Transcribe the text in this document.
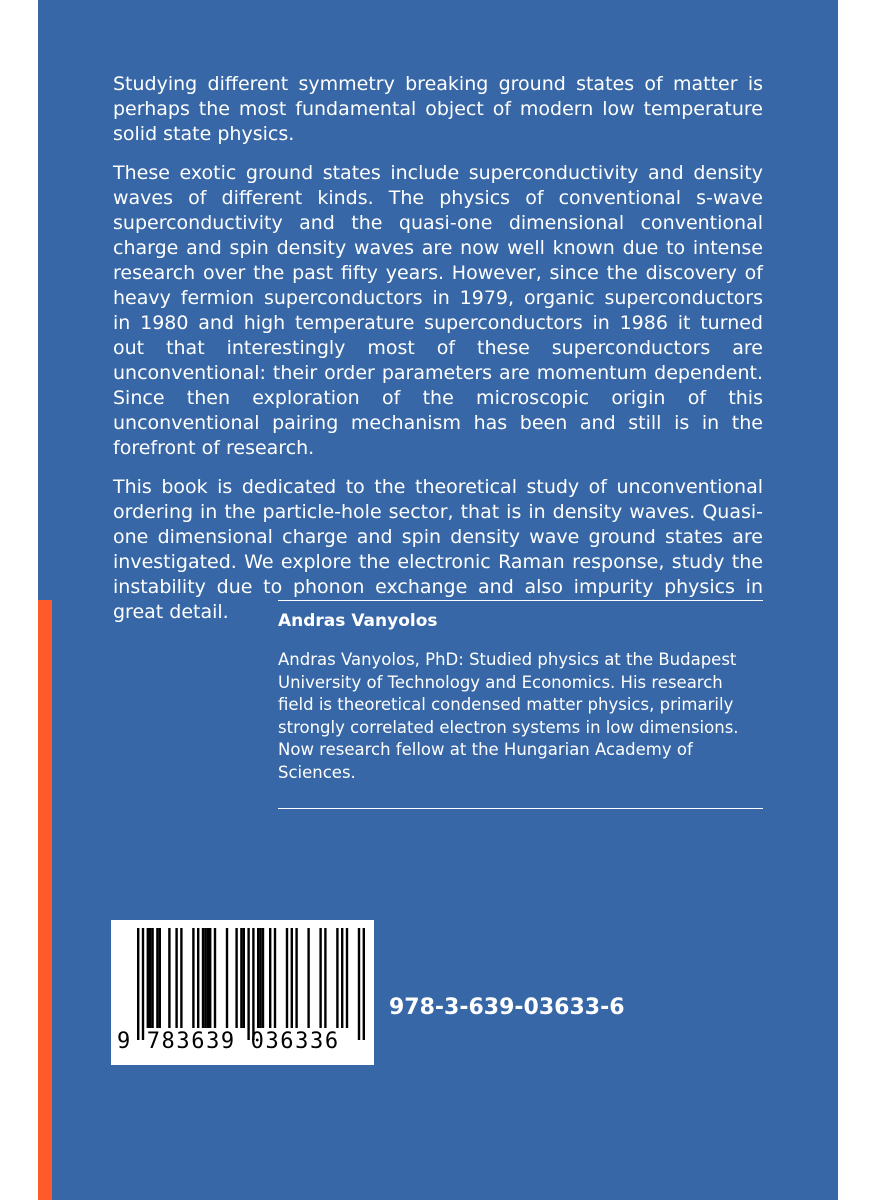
Studying different symmetry breaking ground states of matter is perhaps the most fundamental object of modern low temperature solid state physics.

These exotic ground states include superconductivity and density waves of different kinds. The physics of conventional s-wave superconductivity and the quasi-one dimensional conventional charge and spin density waves are now well known due to intense research over the past fifty years. However, since the discovery of heavy fermion superconductors in 1979, organic superconductors in 1980 and high temperature superconductors in 1986 it turned out that interestingly most of these superconductors are unconventional: their order parameters are momentum dependent. Since then exploration of the microscopic origin of this unconventional pairing mechanism has been and still is in the forefront of research.

This book is dedicated to the theoretical study of unconventional ordering in the particle-hole sector, that is in density waves. Quasi-one dimensional charge and spin density wave ground states are investigated. We explore the electronic Raman response, study the instability due to phonon exchange and also impurity physics in great detail.	Andras Vanyolos
Andras Vanyolos, PhD: Studied physics at the Budapest University of Technology and Economics. His research field is theoretical condensed matter physics, primarily strongly correlated electron systems in low dimensions. Now research fellow at the Hungarian Academy of Sciences.
9 783639 036336
978-3-639-03633-6
